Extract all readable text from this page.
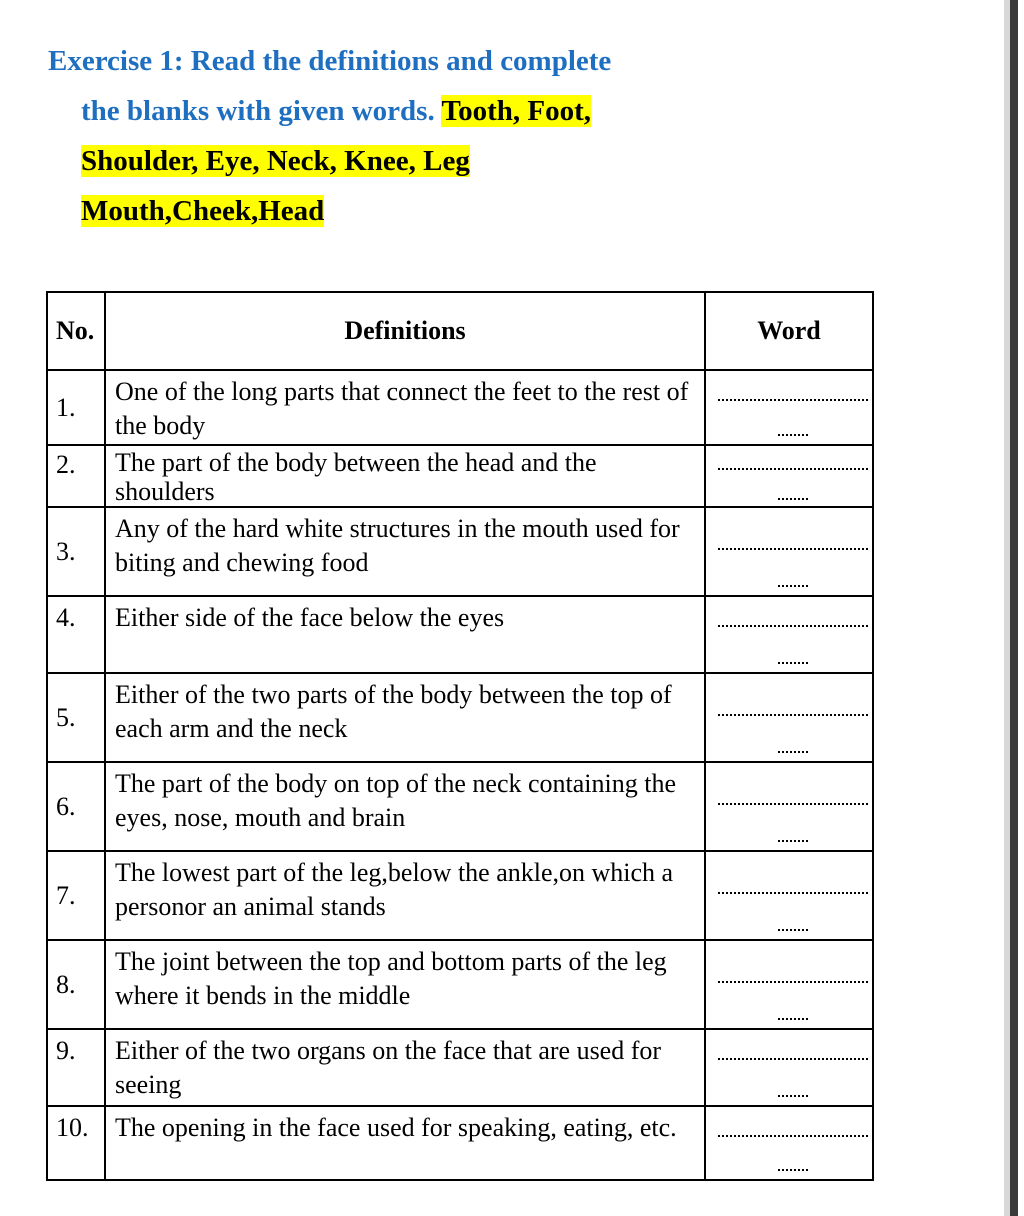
Exercise 1: Read the definitions and complete
the blanks with given words. Tooth, Foot,
Shoulder, Eye, Neck, Knee, Leg
Mouth,Cheek,Head
No.	Definitions	Word
1.	One of the long parts that connect the feet to the rest of the body	

2.	The part of the body between the head and the shoulders	

3.	Any of the hard white structures in the mouth used for biting and chewing food	

4.	Either side of the face below the eyes	

5.	Either of the two parts of the body between the top of each arm and the neck	

6.	The part of the body on top of the neck containing the eyes, nose, mouth and brain	

7.	The lowest part of the leg,below the ankle,on which a personor an animal stands	

8.	The joint between the top and bottom parts of the leg where it bends in the middle	

9.	Either of the two organs on the face that are used for seeing	

10.	The opening in the face used for speaking, eating, etc.	
